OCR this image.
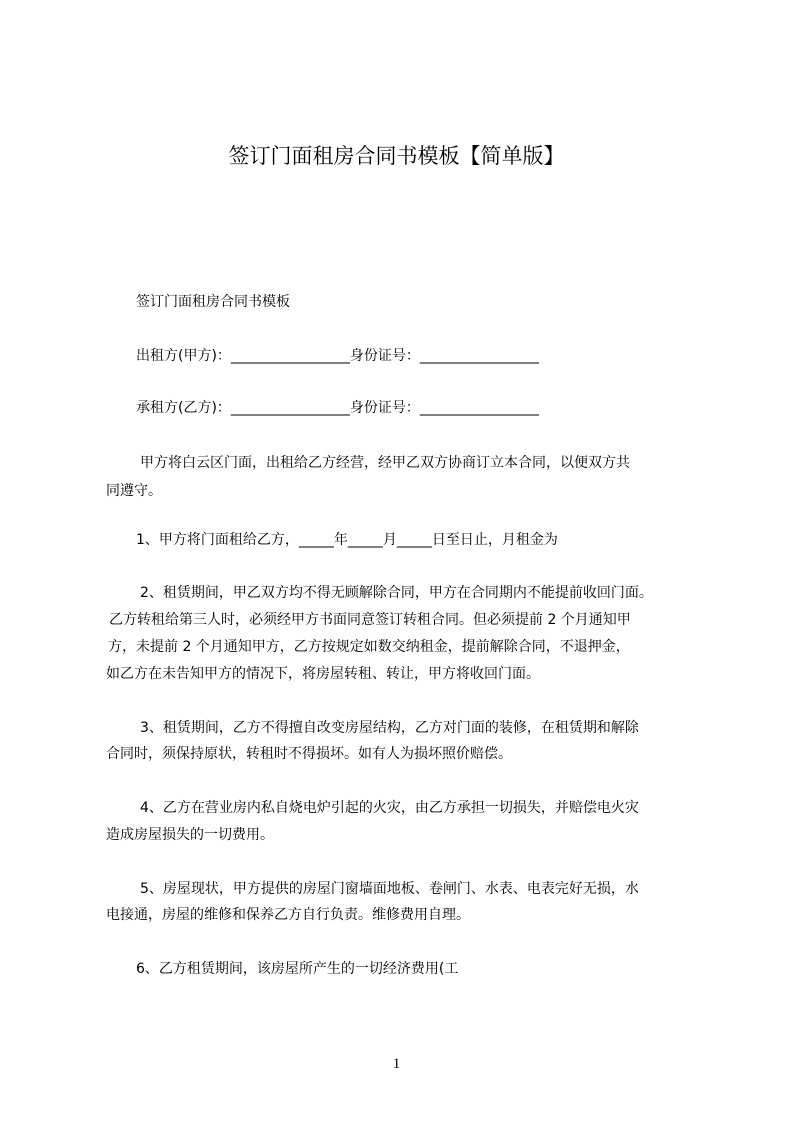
签订门面租房合同书模板【简单版】
签订门面租房合同书模板
出租方(甲方)：_________________身份证号：_________________
承租方(乙方)：_________________身份证号：_________________
甲方将白云区门面，出租给乙方经营，经甲乙双方协商订立本合同，以便双方共
同遵守。
1、甲方将门面租给乙方，_____年_____月_____日至日止，月租金为
2、租赁期间，甲乙双方均不得无顾解除合同，甲方在合同期内不能提前收回门面。
乙方转租给第三人时，必须经甲方书面同意签订转租合同。但必须提前 2 个月通知甲
方，未提前 2 个月通知甲方，乙方按规定如数交纳租金，提前解除合同，不退押金，
如乙方在未告知甲方的情况下，将房屋转租、转让，甲方将收回门面。
3、租赁期间，乙方不得擅自改变房屋结构，乙方对门面的装修，在租赁期和解除
合同时，须保持原状，转租时不得损坏。如有人为损坏照价赔偿。
4、乙方在营业房内私自烧电炉引起的火灾，由乙方承担一切损失，并赔偿电火灾
造成房屋损失的一切费用。
5、房屋现状，甲方提供的房屋门窗墙面地板、卷闸门、水表、电表完好无损，水
电接通，房屋的维修和保养乙方自行负责。维修费用自理。
6、乙方租赁期间，该房屋所产生的一切经济费用(工
1
